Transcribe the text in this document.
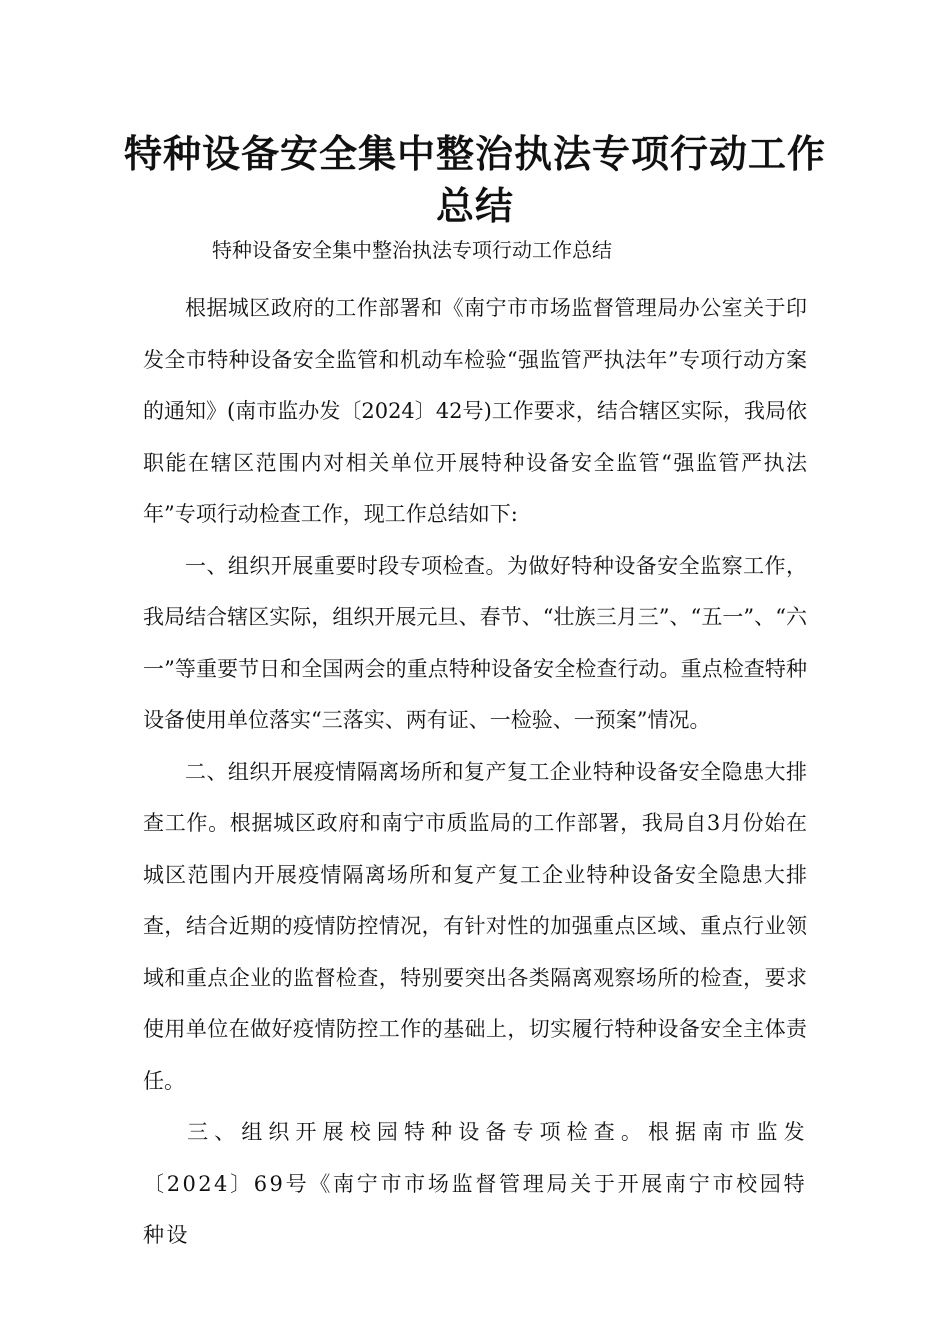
特种设备安全集中整治执法专项行动工作总结

特种设备安全集中整治执法专项行动工作总结

根据城区政府的工作部署和《南宁市市场监督管理局办公室关于印发全市特种设备安全监管和机动车检验“强监管严执法年”专项行动方案的通知》(南市监办发〔2024〕42号)工作要求，结合辖区实际，我局依职能在辖区范围内对相关单位开展特种设备安全监管“强监管严执法年”专项行动检查工作，现工作总结如下:

一、组织开展重要时段专项检查。为做好特种设备安全监察工作，我局结合辖区实际，组织开展元旦、春节、“壮族三月三”、“五一”、“六一”等重要节日和全国两会的重点特种设备安全检查行动。重点检查特种设备使用单位落实“三落实、两有证、一检验、一预案”情况。

二、组织开展疫情隔离场所和复产复工企业特种设备安全隐患大排查工作。根据城区政府和南宁市质监局的工作部署，我局自3月份始在城区范围内开展疫情隔离场所和复产复工企业特种设备安全隐患大排查，结合近期的疫情防控情况，有针对性的加强重点区域、重点行业领域和重点企业的监督检查，特别要突出各类隔离观察场所的检查，要求使用单位在做好疫情防控工作的基础上，切实履行特种设备安全主体责任。

三、组织开展校园特种设备专项检查。根据南市监发〔2024〕69号《南宁市市场监督管理局关于开展南宁市校园特种设
